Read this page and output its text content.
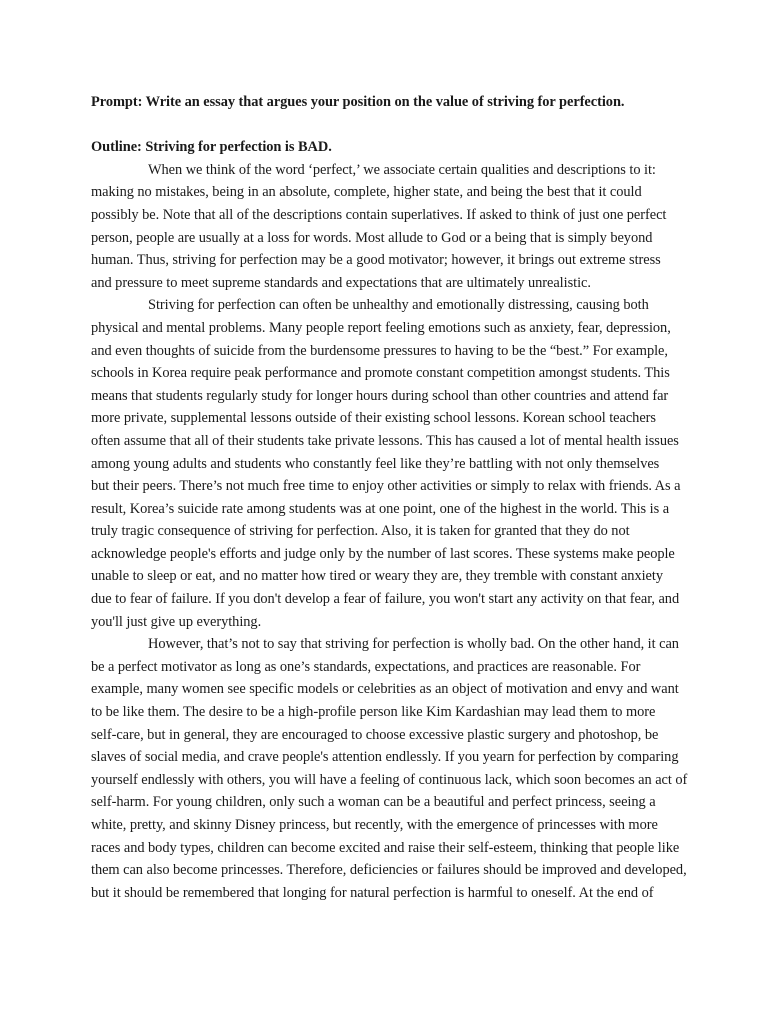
Prompt: Write an essay that argues your position on the value of striving for perfection.

Outline: Striving for perfection is BAD.

When we think of the word ‘perfect,’ we associate certain qualities and descriptions to it:
making no mistakes, being in an absolute, complete, higher state, and being the best that it could
possibly be. Note that all of the descriptions contain superlatives. If asked to think of just one perfect
person, people are usually at a loss for words. Most allude to God or a being that is simply beyond
human. Thus, striving for perfection may be a good motivator; however, it brings out extreme stress
and pressure to meet supreme standards and expectations that are ultimately unrealistic.
Striving for perfection can often be unhealthy and emotionally distressing, causing both
physical and mental problems. Many people report feeling emotions such as anxiety, fear, depression,
and even thoughts of suicide from the burdensome pressures to having to be the “best.” For example,
schools in Korea require peak performance and promote constant competition amongst students. This
means that students regularly study for longer hours during school than other countries and attend far
more private, supplemental lessons outside of their existing school lessons. Korean school teachers
often assume that all of their students take private lessons. This has caused a lot of mental health issues
among young adults and students who constantly feel like they’re battling with not only themselves
but their peers. There’s not much free time to enjoy other activities or simply to relax with friends. As a
result, Korea’s suicide rate among students was at one point, one of the highest in the world. This is a
truly tragic consequence of striving for perfection. Also, it is taken for granted that they do not
acknowledge people's efforts and judge only by the number of last scores. These systems make people
unable to sleep or eat, and no matter how tired or weary they are, they tremble with constant anxiety
due to fear of failure. If you don't develop a fear of failure, you won't start any activity on that fear, and
you'll just give up everything.
However, that’s not to say that striving for perfection is wholly bad. On the other hand, it can
be a perfect motivator as long as one’s standards, expectations, and practices are reasonable. For
example, many women see specific models or celebrities as an object of motivation and envy and want
to be like them. The desire to be a high-profile person like Kim Kardashian may lead them to more
self-care, but in general, they are encouraged to choose excessive plastic surgery and photoshop, be
slaves of social media, and crave people's attention endlessly. If you yearn for perfection by comparing
yourself endlessly with others, you will have a feeling of continuous lack, which soon becomes an act of
self-harm. For young children, only such a woman can be a beautiful and perfect princess, seeing a
white, pretty, and skinny Disney princess, but recently, with the emergence of princesses with more
races and body types, children can become excited and raise their self-esteem, thinking that people like
them can also become princesses. Therefore, deficiencies or failures should be improved and developed,
but it should be remembered that longing for natural perfection is harmful to oneself. At the end of
